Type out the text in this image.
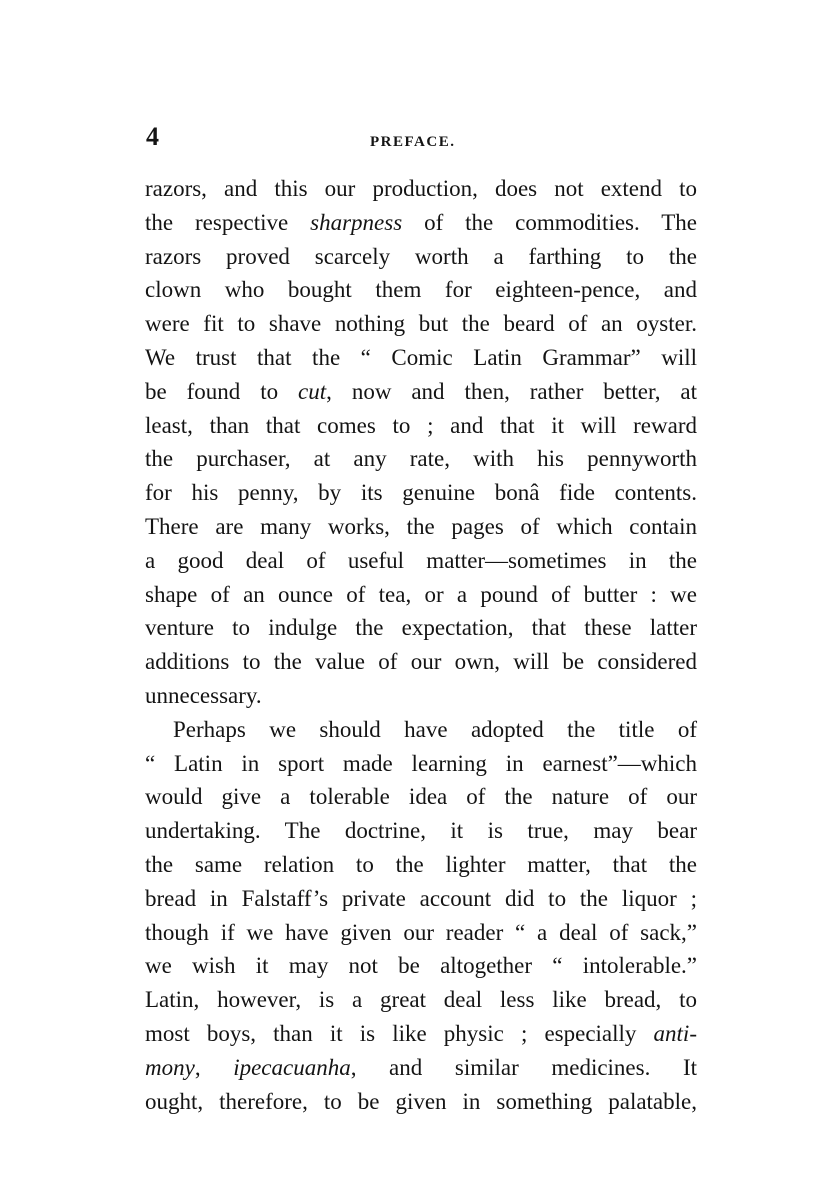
4	PREFACE.
razors, and this our production, does not extend to
the respective sharpness of the commodities. The
razors proved scarcely worth a farthing to the
clown who bought them for eighteen-pence, and
were fit to shave nothing but the beard of an oyster.
We trust that the “ Comic Latin Grammar” will
be found to cut, now and then, rather better, at
least, than that comes to ; and that it will reward
the purchaser, at any rate, with his pennyworth
for his penny, by its genuine bonâ fide contents.
There are many works, the pages of which contain
a good deal of useful matter—sometimes in the
shape of an ounce of tea, or a pound of butter : we
venture to indulge the expectation, that these latter
additions to the value of our own, will be considered
unnecessary.
Perhaps we should have adopted the title of
“ Latin in sport made learning in earnest”—which
would give a tolerable idea of the nature of our
undertaking. The doctrine, it is true, may bear
the same relation to the lighter matter, that the
bread in Falstaff’s private account did to the liquor ;
though if we have given our reader “ a deal of sack,”
we wish it may not be altogether “ intolerable.”
Latin, however, is a great deal less like bread, to
most boys, than it is like physic ; especially anti-
mony, ipecacuanha, and similar medicines. It
ought, therefore, to be given in something palatable,
